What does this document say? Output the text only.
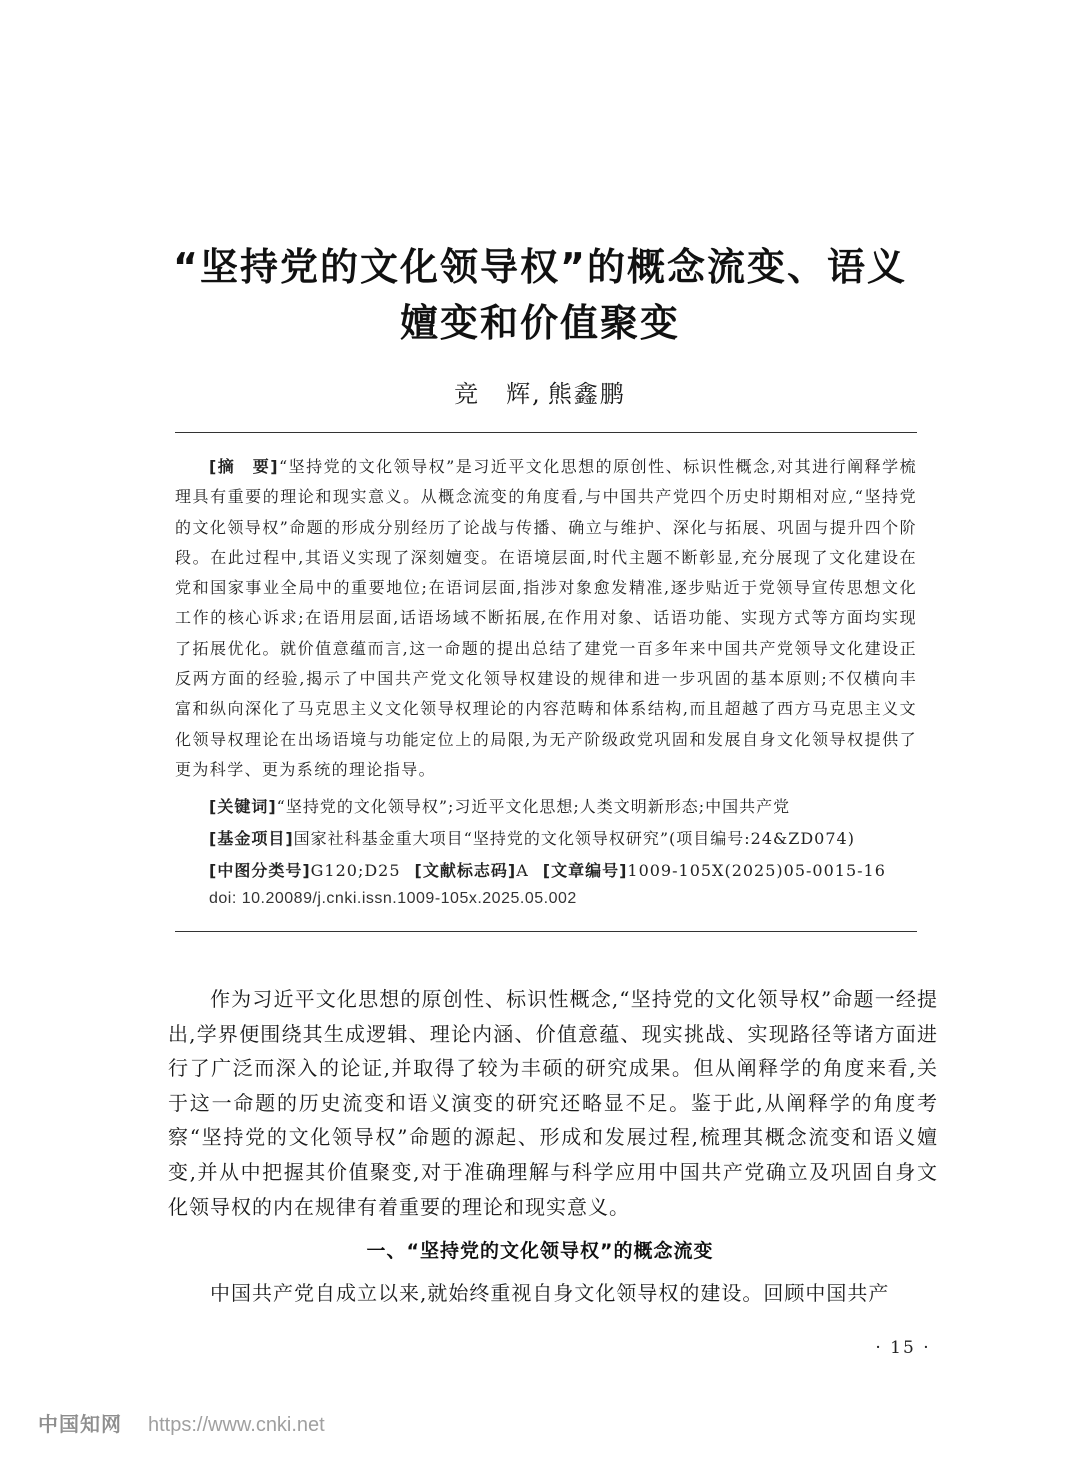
“坚持党的文化领导权”的概念流变、语义
嬗变和价值聚变
竞　辉, 熊鑫鹏

[摘　要]“坚持党的文化领导权”是习近平文化思想的原创性、标识性概念,对其进行阐释学梳理具有重要的理论和现实意义。从概念流变的角度看,与中国共产党四个历史时期相对应,“坚持党的文化领导权”命题的形成分别经历了论战与传播、确立与维护、深化与拓展、巩固与提升四个阶段。在此过程中,其语义实现了深刻嬗变。在语境层面,时代主题不断彰显,充分展现了文化建设在党和国家事业全局中的重要地位;在语词层面,指涉对象愈发精准,逐步贴近于党领导宣传思想文化工作的核心诉求;在语用层面,话语场域不断拓展,在作用对象、话语功能、实现方式等方面均实现了拓展优化。就价值意蕴而言,这一命题的提出总结了建党一百多年来中国共产党领导文化建设正反两方面的经验,揭示了中国共产党文化领导权建设的规律和进一步巩固的基本原则;不仅横向丰富和纵向深化了马克思主义文化领导权理论的内容范畴和体系结构,而且超越了西方马克思主义文化领导权理论在出场语境与功能定位上的局限,为无产阶级政党巩固和发展自身文化领导权提供了更为科学、更为系统的理论指导。

[关键词]“坚持党的文化领导权”;习近平文化思想;人类文明新形态;中国共产党
[基金项目]国家社科基金重大项目“坚持党的文化领导权研究”(项目编号:24&ZD074)
[中图分类号]G120;D25 [文献标志码]A [文章编号]1009-105X(2025)05-0015-16
doi: 10.20089/j.cnki.issn.1009-105x.2025.05.002

作为习近平文化思想的原创性、标识性概念,“坚持党的文化领导权”命题一经提出,学界便围绕其生成逻辑、理论内涵、价值意蕴、现实挑战、实现路径等诸方面进行了广泛而深入的论证,并取得了较为丰硕的研究成果。但从阐释学的角度来看,关于这一命题的历史流变和语义演变的研究还略显不足。鉴于此,从阐释学的角度考察“坚持党的文化领导权”命题的源起、形成和发展过程,梳理其概念流变和语义嬗变,并从中把握其价值聚变,对于准确理解与科学应用中国共产党确立及巩固自身文化领导权的内在规律有着重要的理论和现实意义。

一、“坚持党的文化领导权”的概念流变

中国共产党自成立以来,就始终重视自身文化领导权的建设。回顾中国共产

· 15 ·
中国知网 https://www.cnki.net
